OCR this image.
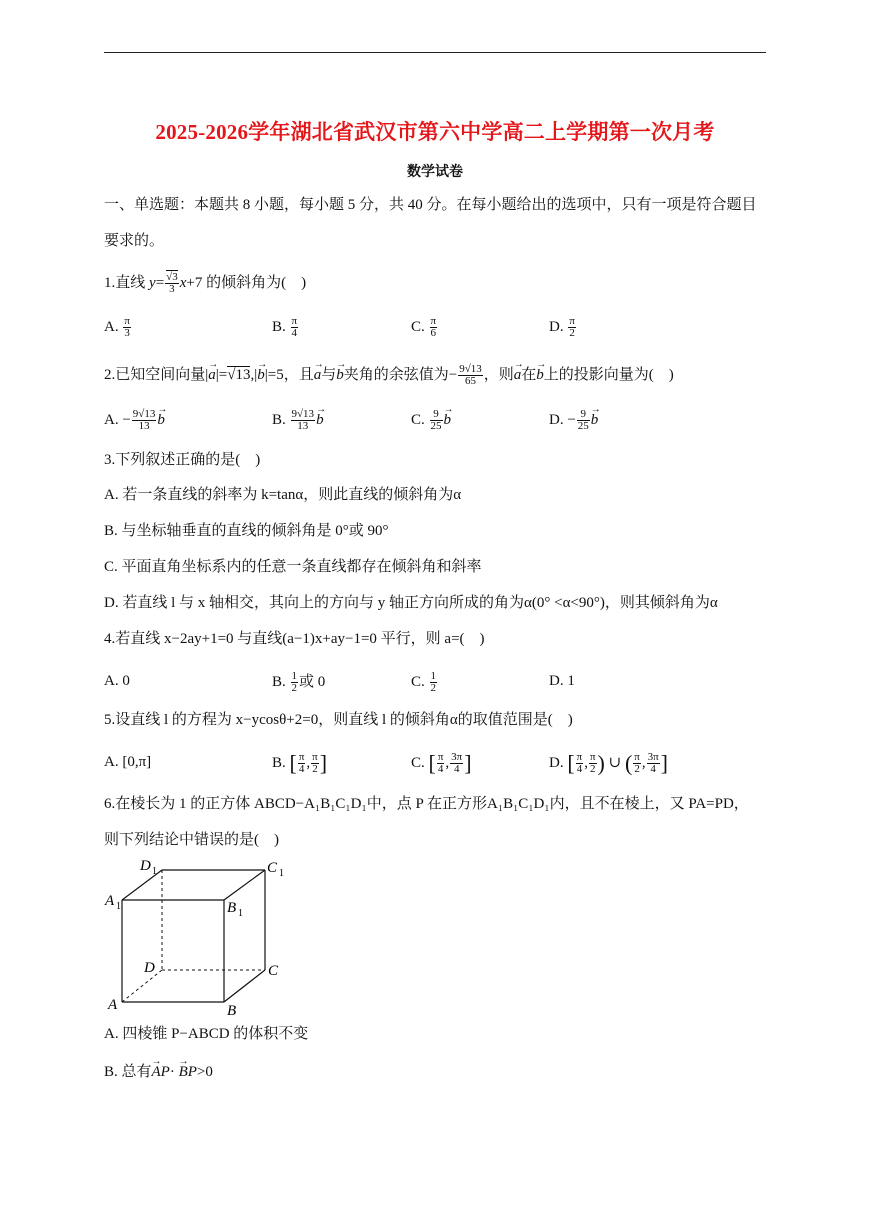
2025-2026学年湖北省武汉市第六中学高二上学期第一次月考
数学试卷
一、单选题：本题共 8 小题，每小题 5 分，共 40 分。在每小题给出的选项中，只有一项是符合题目
要求的。
1.直线 $y= \frac{√3}{3} x+7$ 的倾斜角为(　)
A. $\frac{\pi}{3}$	B. $\frac{\pi}{4}$	C. $\frac{\pi}{6}$	D. $\frac{\pi}{2}$
2.已知空间向量|→ a|=√13,|→ b|=5，且→ a与→ b夹角的余弦值为− $\frac{9√13}{65}$ ，则→ a在→ b上的投影向量为(　)
A. − $\frac{9√13}{13}$
→ b	B. $\frac{9√13}{13}$
→ b	C. $\frac{9}{25}$
→ b	D. − $\frac{9}{25}$
→ b
3.下列叙述正确的是(　)
A. 若一条直线的斜率为 k=tanα，则此直线的倾斜角为α
B. 与坐标轴垂直的直线的倾斜角是 0°或 90°
C. 平面直角坐标系内的任意一条直线都存在倾斜角和斜率
D. 若直线 l 与 x 轴相交，其向上的方向与 y 轴正方向所成的角为α(0° <α<90°)，则其倾斜角为α
4.若直线 x−2ay+1=0 与直线(a−1)x+ay−1=0 平行，则 a=(　)
A. 0	B. $\frac{1}{2}$ 或 0	C. $\frac{1}{2}$	D. 1
5.设直线 l 的方程为 x−ycosθ+2=0，则直线 l 的倾斜角α的取值范围是(　)
A. [0,π]	B. [ $\frac{\pi}{4}$ , $\frac{\pi}{2}$ ]	C. [ $\frac{\pi}{4}$ , $\frac{3\pi}{4}$ ]	D. [ $\frac{\pi}{4}$ , $\frac{\pi}{2}$ ) ∪ ( $\frac{\pi}{2}$ , $\frac{3\pi}{4}$ ]
6.在棱长为 1 的正方体 ABCD−A₁B₁C₁D₁中，点 P 在正方形A₁B₁C₁D₁内，且不在棱上，又 PA=PD，
则下列结论中错误的是(　)
D 1	C 1
A 1	B 1
D	C
A	B
A. 四棱锥 P−ABCD 的体积不变
B. 总有→ AP· → BP>0
